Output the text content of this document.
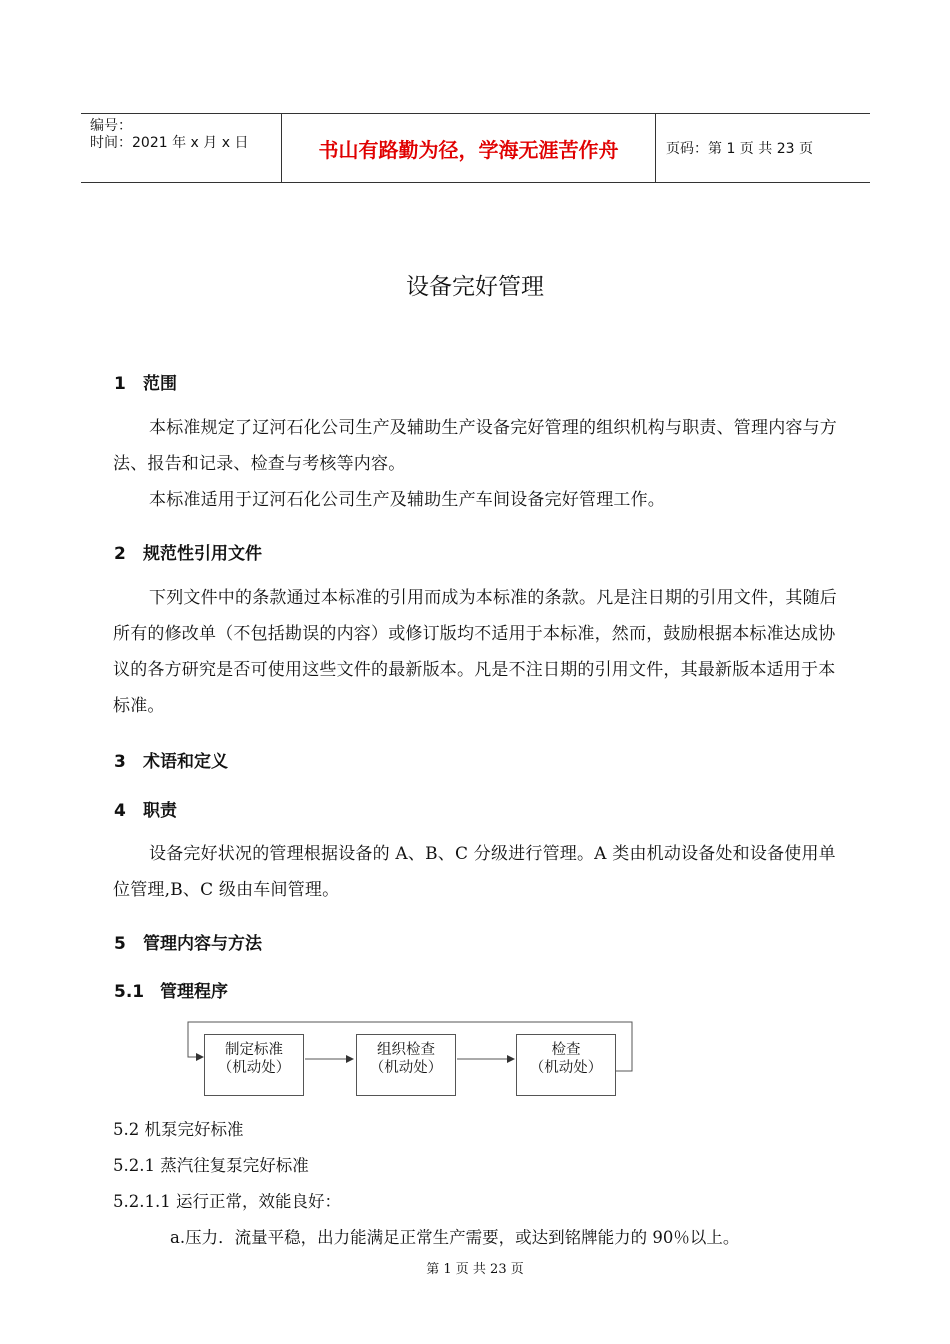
编号：
时间：2021 年 x 月 x 日	书山有路勤为径，学海无涯苦作舟	页码：第 1 页 共 23 页
设备完好管理
1 范围
本标准规定了辽河石化公司生产及辅助生产设备完好管理的组织机构与职责、管理内容与方法、报告和记录、检查与考核等内容。
本标准适用于辽河石化公司生产及辅助生产车间设备完好管理工作。
2 规范性引用文件
下列文件中的条款通过本标准的引用而成为本标准的条款。凡是注日期的引用文件，其随后所有的修改单（不包括勘误的内容）或修订版均不适用于本标准，然而，鼓励根据本标准达成协议的各方研究是否可使用这些文件的最新版本。凡是不注日期的引用文件，其最新版本适用于本标准。
3 术语和定义
4 职责
设备完好状况的管理根据设备的 A、B、C 分级进行管理。A 类由机动设备处和设备使用单位管理,B、C 级由车间管理。
5 管理内容与方法
5.1 管理程序
制定标准
（机动处）
组织检查
（机动处）
检查
（机动处）
5.2 机泵完好标准
5.2.1 蒸汽往复泵完好标准
5.2.1.1 运行正常，效能良好：
a.压力．流量平稳，出力能满足正常生产需要，或达到铭牌能力的 90％以上。
第 1 页 共 23 页
